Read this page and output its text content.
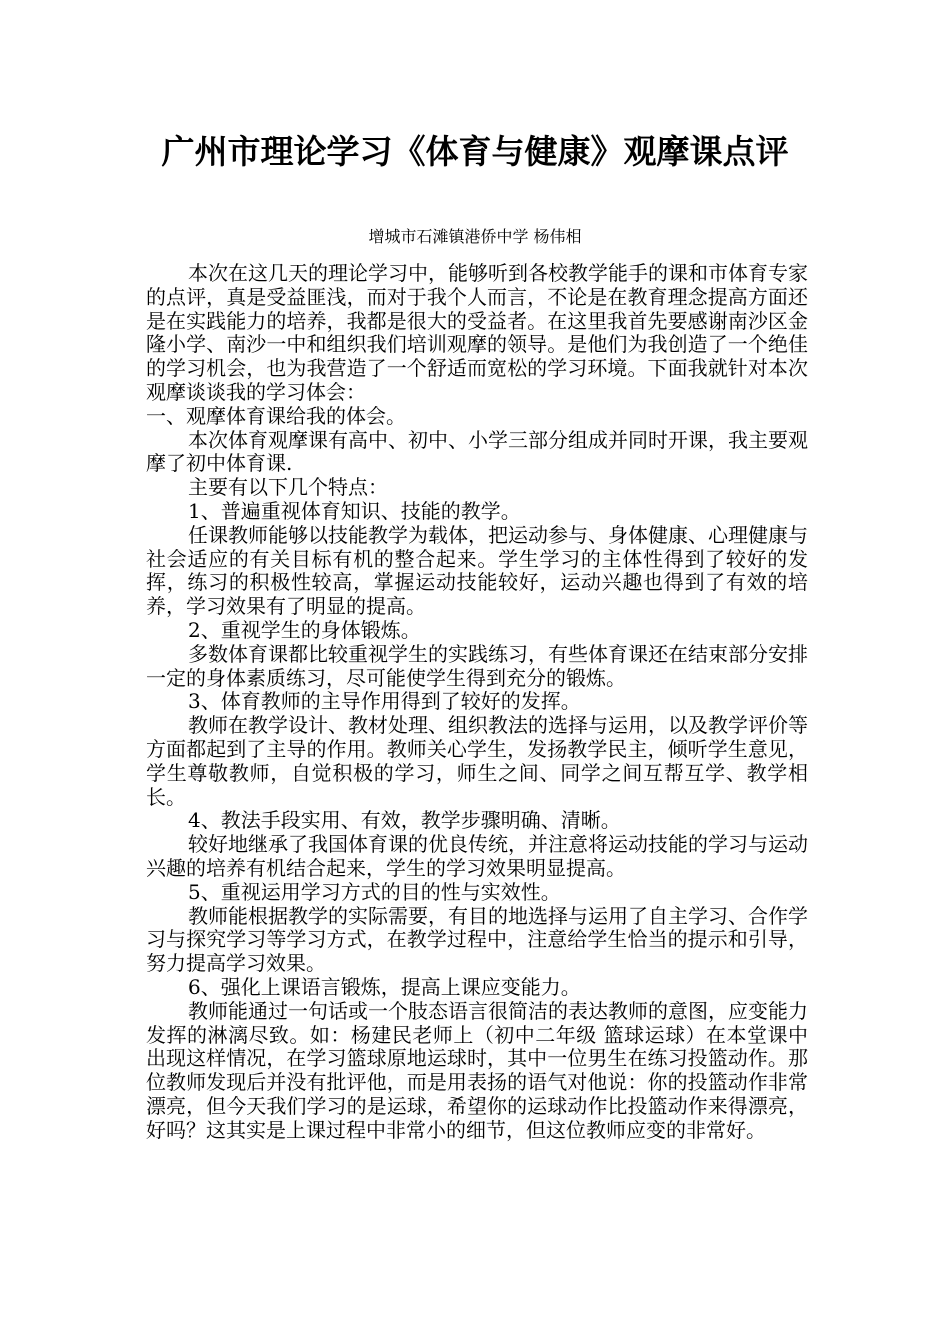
广州市理论学习《体育与健康》观摩课点评

增城市石滩镇港侨中学 杨伟相

本次在这几天的理论学习中，能够听到各校教学能手的课和市体育专家的点评，真是受益匪浅，而对于我个人而言，不论是在教育理念提高方面还是在实践能力的培养，我都是很大的受益者。在这里我首先要感谢南沙区金隆小学、南沙一中和组织我们培训观摩的领导。是他们为我创造了一个绝佳的学习机会，也为我营造了一个舒适而宽松的学习环境。下面我就针对本次观摩谈谈我的学习体会：

一、观摩体育课给我的体会。

本次体育观摩课有高中、初中、小学三部分组成并同时开课，我主要观摩了初中体育课.

主要有以下几个特点：

1、普遍重视体育知识、技能的教学。

任课教师能够以技能教学为载体，把运动参与、身体健康、心理健康与社会适应的有关目标有机的整合起来。学生学习的主体性得到了较好的发挥，练习的积极性较高，掌握运动技能较好，运动兴趣也得到了有效的培养，学习效果有了明显的提高。

2、重视学生的身体锻炼。

多数体育课都比较重视学生的实践练习，有些体育课还在结束部分安排一定的身体素质练习，尽可能使学生得到充分的锻炼。

3、体育教师的主导作用得到了较好的发挥。

教师在教学设计、教材处理、组织教法的选择与运用，以及教学评价等方面都起到了主导的作用。教师关心学生，发扬教学民主，倾听学生意见，学生尊敬教师，自觉积极的学习，师生之间、同学之间互帮互学、教学相长。

4、教法手段实用、有效，教学步骤明确、清晰。

较好地继承了我国体育课的优良传统，并注意将运动技能的学习与运动兴趣的培养有机结合起来，学生的学习效果明显提高。

5、重视运用学习方式的目的性与实效性。

教师能根据教学的实际需要，有目的地选择与运用了自主学习、合作学习与探究学习等学习方式，在教学过程中，注意给学生恰当的提示和引导，努力提高学习效果。

6、强化上课语言锻炼，提高上课应变能力。

教师能通过一句话或一个肢态语言很简洁的表达教师的意图，应变能力发挥的淋漓尽致。如：杨建民老师上（初中二年级 篮球运球）在本堂课中出现这样情况，在学习篮球原地运球时，其中一位男生在练习投篮动作。那位教师发现后并没有批评他，而是用表扬的语气对他说：你的投篮动作非常漂亮，但今天我们学习的是运球，希望你的运球动作比投篮动作来得漂亮，好吗？这其实是上课过程中非常小的细节，但这位教师应变的非常好。
